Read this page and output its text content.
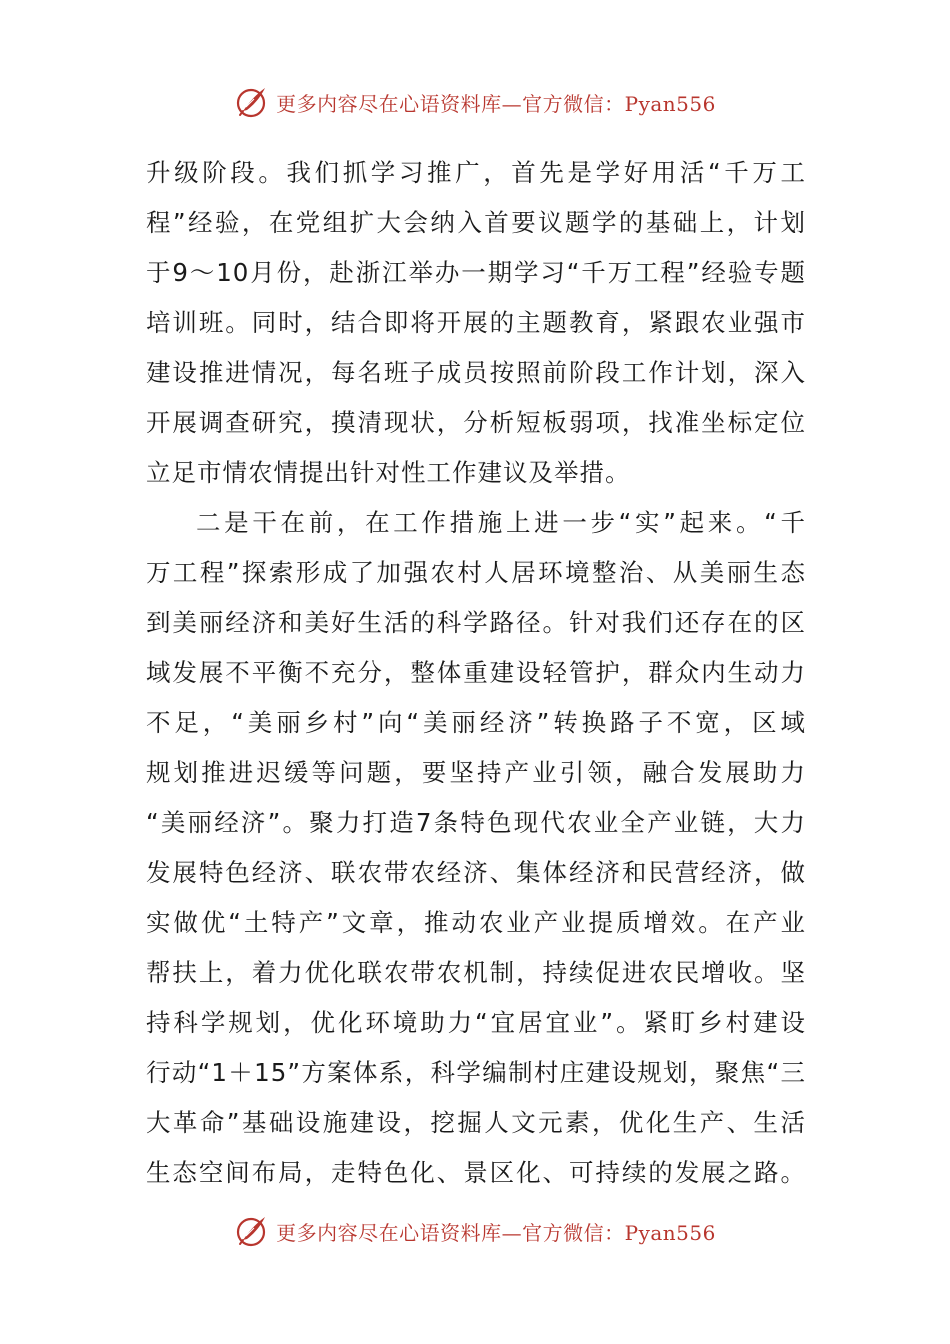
更多内容尽在心语资料库—官方微信：Pyan556
升级阶段。我们抓学习推广，首先是学好用活“千万工
程”经验，在党组扩大会纳入首要议题学的基础上，计划
于9～10月份，赴浙江举办一期学习“千万工程”经验专题
培训班。同时，结合即将开展的主题教育，紧跟农业强市
建设推进情况，每名班子成员按照前阶段工作计划，深入
开展调查研究，摸清现状，分析短板弱项，找准坐标定位
立足市情农情提出针对性工作建议及举措。
二是干在前，在工作措施上进一步“实”起来。“千
万工程”探索形成了加强农村人居环境整治、从美丽生态
到美丽经济和美好生活的科学路径。针对我们还存在的区
域发展不平衡不充分，整体重建设轻管护，群众内生动力
不足，“美丽乡村”向“美丽经济”转换路子不宽，区域
规划推进迟缓等问题，要坚持产业引领，融合发展助力
“美丽经济”。聚力打造7条特色现代农业全产业链，大力
发展特色经济、联农带农经济、集体经济和民营经济，做
实做优“土特产”文章，推动农业产业提质增效。在产业
帮扶上，着力优化联农带农机制，持续促进农民增收。坚
持科学规划，优化环境助力“宜居宜业”。紧盯乡村建设
行动“1＋15”方案体系，科学编制村庄建设规划，聚焦“三
大革命”基础设施建设，挖掘人文元素，优化生产、生活
生态空间布局，走特色化、景区化、可持续的发展之路。
更多内容尽在心语资料库—官方微信：Pyan556
